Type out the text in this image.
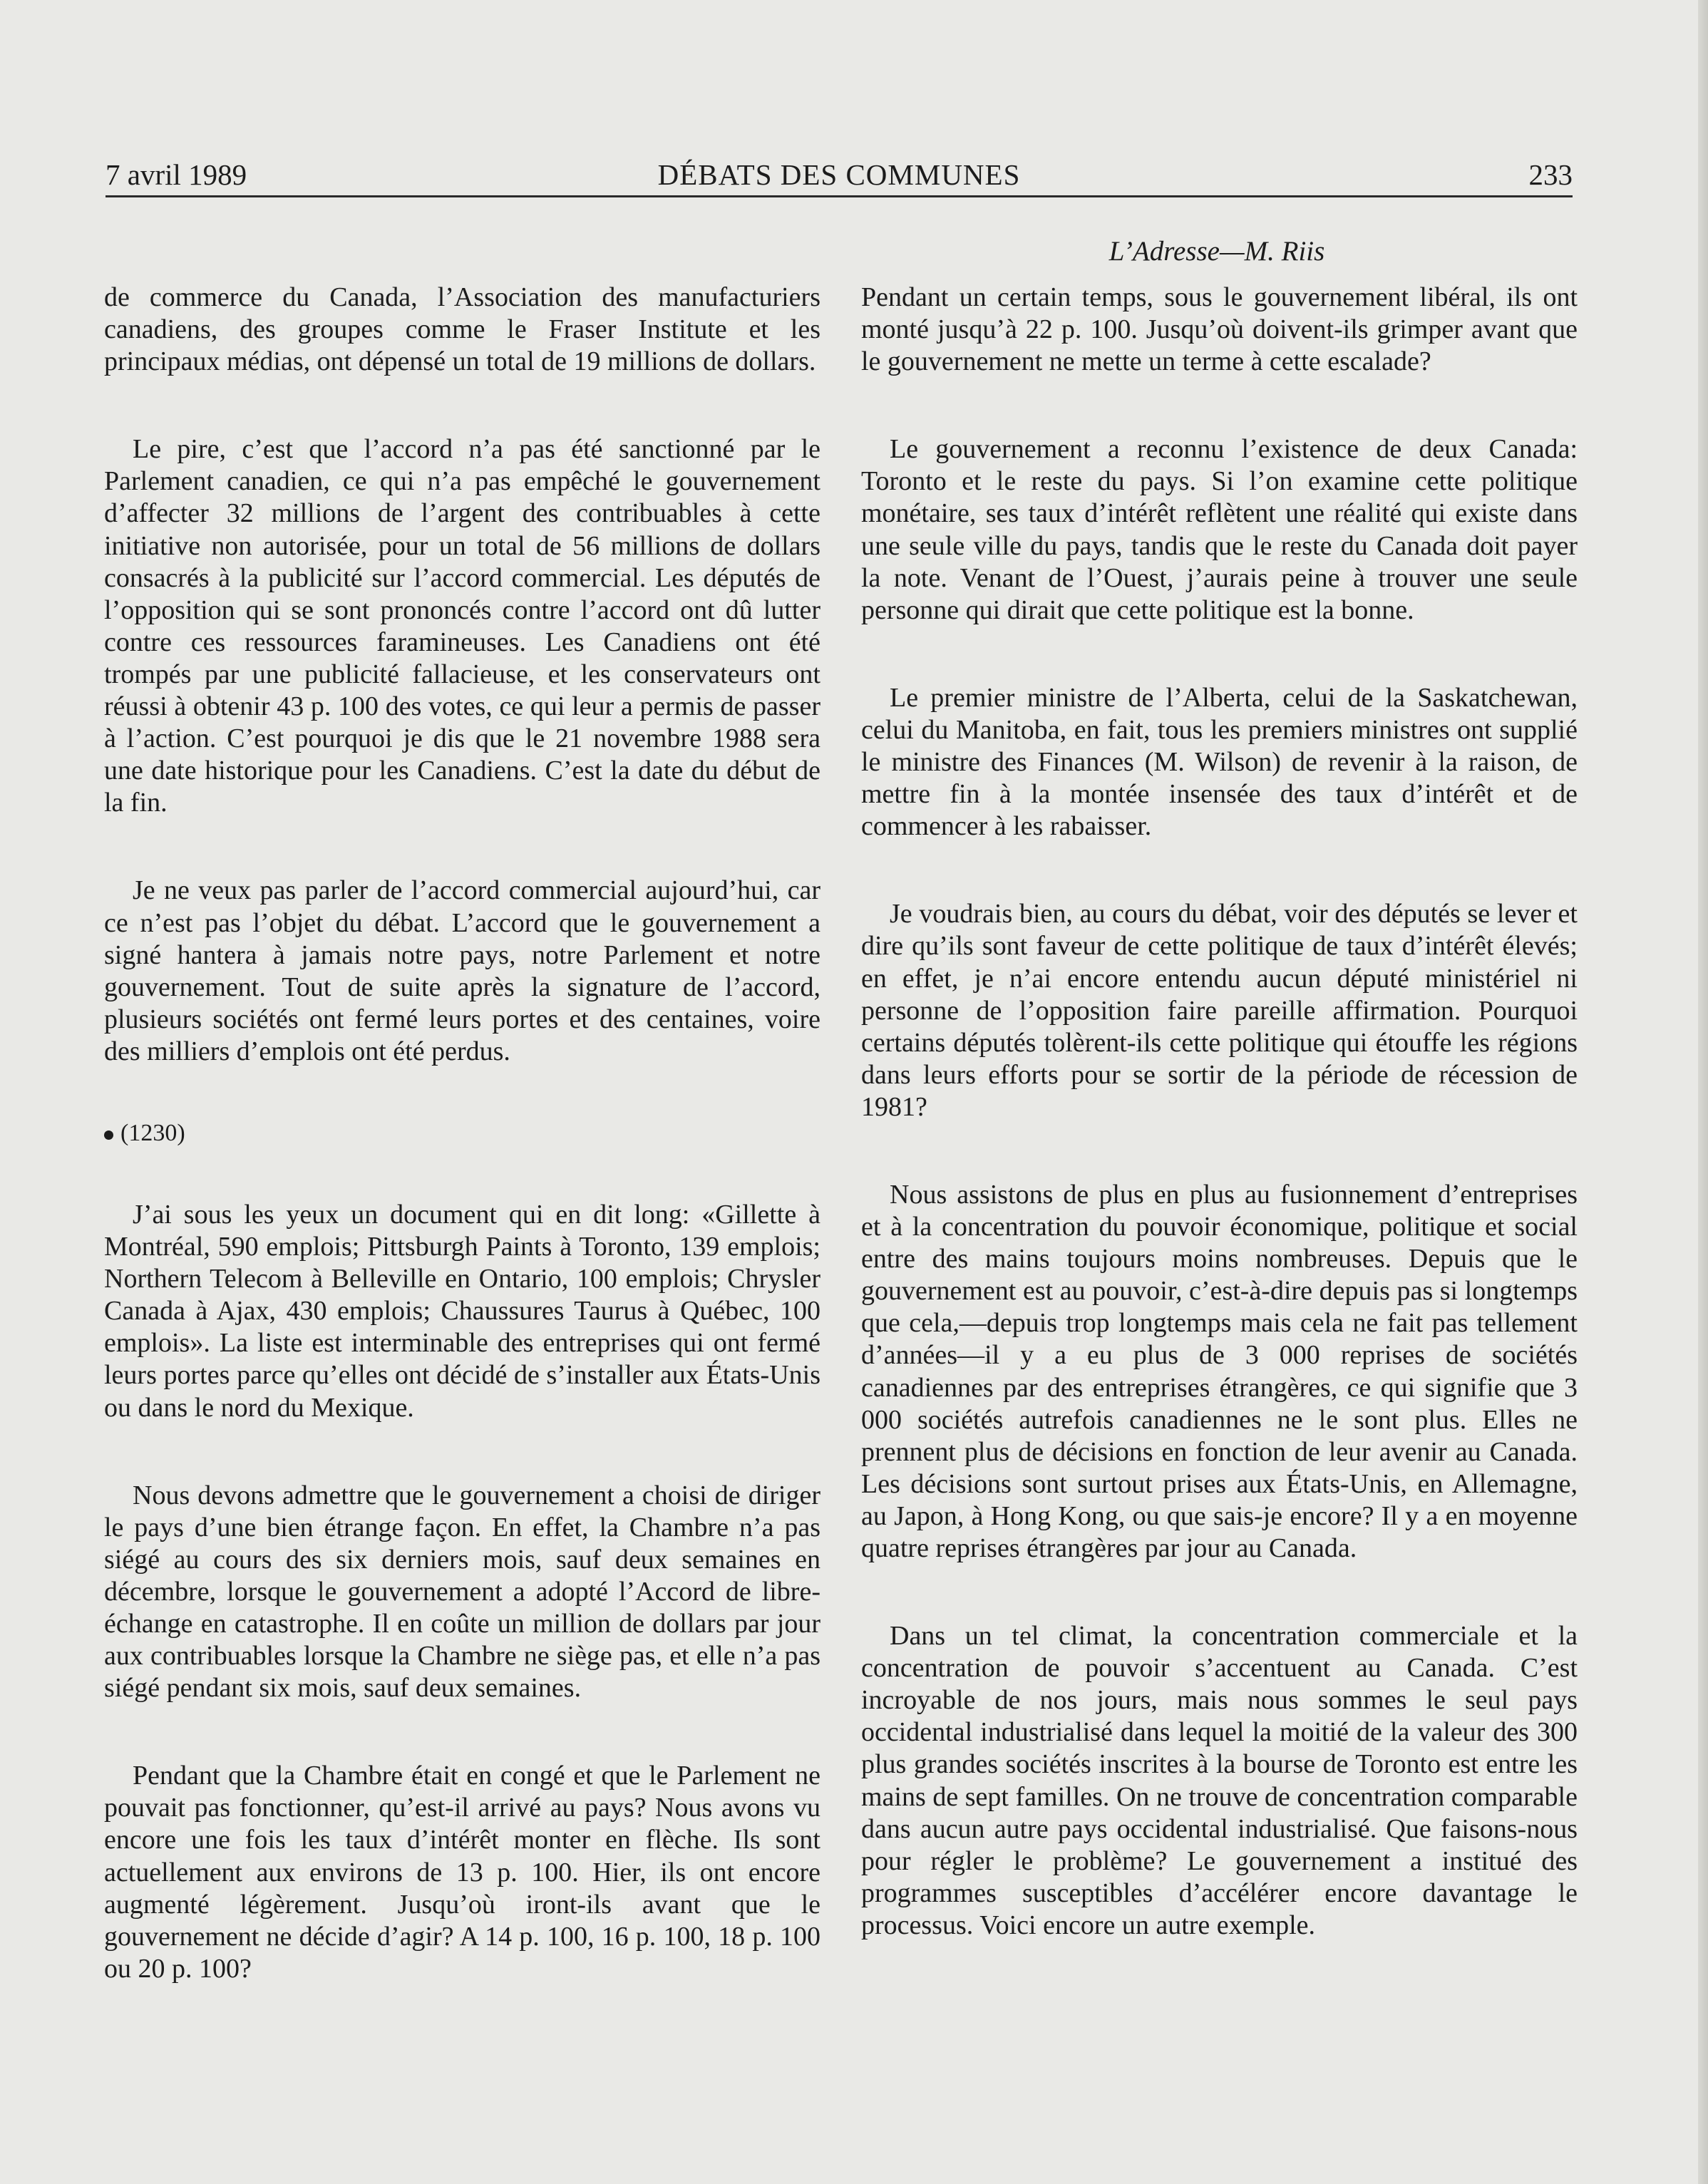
7 avril 1989	DÉBATS DES COMMUNES	233
L’Adresse—M. Riis

de commerce du Canada, l’Association des manufacturiers canadiens, des groupes comme le Fraser Institute et les principaux médias, ont dépensé un total de 19 millions de dollars.

Le pire, c’est que l’accord n’a pas été sanctionné par le Parlement canadien, ce qui n’a pas empêché le gouvernement d’affecter 32 millions de l’argent des contribuables à cette initiative non autorisée, pour un total de 56 millions de dollars consacrés à la publicité sur l’accord commercial. Les députés de l’opposition qui se sont prononcés contre l’accord ont dû lutter contre ces ressources faramineuses. Les Canadiens ont été trompés par une publicité fallacieuse, et les conservateurs ont réussi à obtenir 43 p. 100 des votes, ce qui leur a permis de passer à l’action. C’est pourquoi je dis que le 21 novembre 1988 sera une date historique pour les Canadiens. C’est la date du début de la fin.

Je ne veux pas parler de l’accord commercial aujourd’hui, car ce n’est pas l’objet du débat. L’accord que le gouvernement a signé hantera à jamais notre pays, notre Parlement et notre gouvernement. Tout de suite après la signature de l’accord, plusieurs sociétés ont fermé leurs portes et des centaines, voire des milliers d’emplois ont été perdus.

(1230)

J’ai sous les yeux un document qui en dit long: «Gillette à Montréal, 590 emplois; Pittsburgh Paints à Toronto, 139 emplois; Northern Telecom à Belleville en Ontario, 100 emplois; Chrysler Canada à Ajax, 430 emplois; Chaussures Taurus à Québec, 100 emplois». La liste est interminable des entreprises qui ont fermé leurs portes parce qu’elles ont décidé de s’installer aux États-Unis ou dans le nord du Mexique.

Nous devons admettre que le gouvernement a choisi de diriger le pays d’une bien étrange façon. En effet, la Chambre n’a pas siégé au cours des six derniers mois, sauf deux semaines en décembre, lorsque le gouvernement a adopté l’Accord de libre-échange en catastrophe. Il en coûte un million de dollars par jour aux contribuables lorsque la Chambre ne siège pas, et elle n’a pas siégé pendant six mois, sauf deux semaines.

Pendant que la Chambre était en congé et que le Parlement ne pouvait pas fonctionner, qu’est-il arrivé au pays? Nous avons vu encore une fois les taux d’intérêt monter en flèche. Ils sont actuellement aux environs de 13 p. 100. Hier, ils ont encore augmenté légèrement. Jusqu’où iront-ils avant que le gouvernement ne décide d’agir? A 14 p. 100, 16 p. 100, 18 p. 100 ou 20 p. 100?

Pendant un certain temps, sous le gouvernement libéral, ils ont monté jusqu’à 22 p. 100. Jusqu’où doivent-ils grimper avant que le gouvernement ne mette un terme à cette escalade?

Le gouvernement a reconnu l’existence de deux Canada: Toronto et le reste du pays. Si l’on examine cette politique monétaire, ses taux d’intérêt reflètent une réalité qui existe dans une seule ville du pays, tandis que le reste du Canada doit payer la note. Venant de l’Ouest, j’aurais peine à trouver une seule personne qui dirait que cette politique est la bonne.

Le premier ministre de l’Alberta, celui de la Saskatchewan, celui du Manitoba, en fait, tous les premiers ministres ont supplié le ministre des Finances (M. Wilson) de revenir à la raison, de mettre fin à la montée insensée des taux d’intérêt et de commencer à les rabaisser.

Je voudrais bien, au cours du débat, voir des députés se lever et dire qu’ils sont faveur de cette politique de taux d’intérêt élevés; en effet, je n’ai encore entendu aucun député ministériel ni personne de l’opposition faire pareille affirmation. Pourquoi certains députés tolèrent-ils cette politique qui étouffe les régions dans leurs efforts pour se sortir de la période de récession de 1981?

Nous assistons de plus en plus au fusionnement d’entreprises et à la concentration du pouvoir économique, politique et social entre des mains toujours moins nombreuses. Depuis que le gouvernement est au pouvoir, c’est-à-dire depuis pas si longtemps que cela,—depuis trop longtemps mais cela ne fait pas tellement d’années—il y a eu plus de 3 000 reprises de sociétés canadiennes par des entreprises étrangères, ce qui signifie que 3 000 sociétés autrefois canadiennes ne le sont plus. Elles ne prennent plus de décisions en fonction de leur avenir au Canada. Les décisions sont surtout prises aux États-Unis, en Allemagne, au Japon, à Hong Kong, ou que sais-je encore? Il y a en moyenne quatre reprises étrangères par jour au Canada.

Dans un tel climat, la concentration commerciale et la concentration de pouvoir s’accentuent au Canada. C’est incroyable de nos jours, mais nous sommes le seul pays occidental industrialisé dans lequel la moitié de la valeur des 300 plus grandes sociétés inscrites à la bourse de Toronto est entre les mains de sept familles. On ne trouve de concentration comparable dans aucun autre pays occidental industrialisé. Que faisons-nous pour régler le problème? Le gouvernement a institué des programmes susceptibles d’accélérer encore davantage le processus. Voici encore un autre exemple.
